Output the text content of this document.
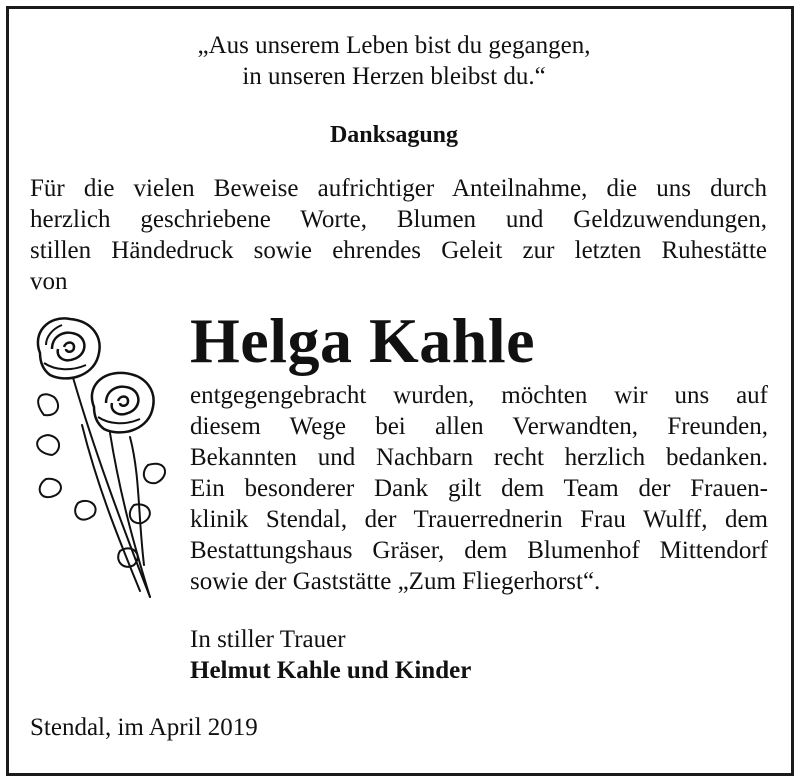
„Aus unserem Leben bist du gegangen,
in unseren Herzen bleibst du.“
Danksagung

Für die vielen Beweise aufrichtiger Anteilnahme, die uns durch

herzlich geschriebene Worte, Blumen und Geldzuwendungen,

stillen Händedruck sowie ehrendes Geleit zur letzten Ruhestätte

von

Helga Kahle

entgegengebracht wurden, möchten wir uns auf

diesem Wege bei allen Verwandten, Freunden,

Bekannten und Nachbarn recht herzlich bedanken.

Ein besonderer Dank gilt dem Team der Frauen-

klinik Stendal, der Trauerrednerin Frau Wulff, dem

Bestattungshaus Gräser, dem Blumenhof Mittendorf

sowie der Gaststätte „Zum Fliegerhorst“.

In stiller Trauer
Helmut Kahle und Kinder
Stendal, im April 2019
